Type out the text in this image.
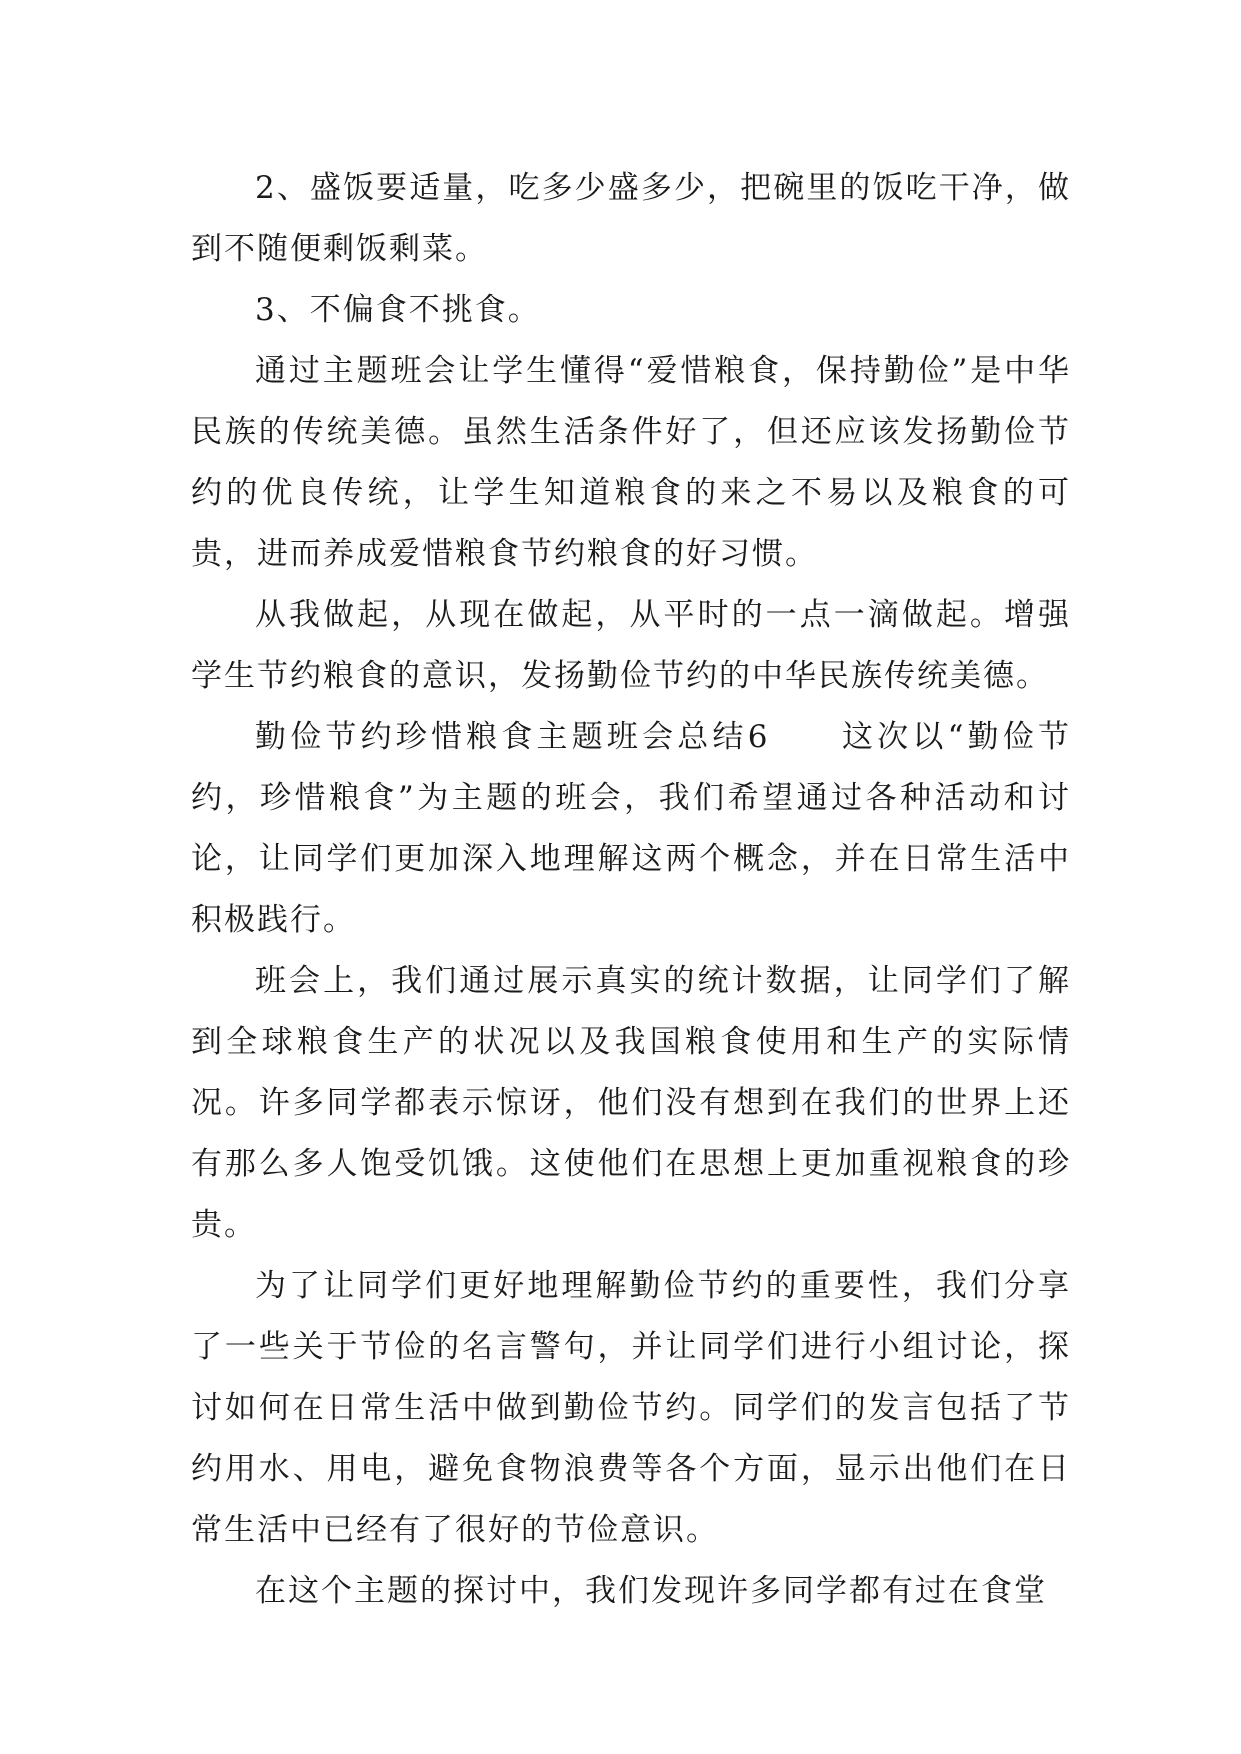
2、盛饭要适量，吃多少盛多少，把碗里的饭吃干净，做到不随便剩饭剩菜。

3、不偏食不挑食。

通过主题班会让学生懂得“爱惜粮食，保持勤俭”是中华民族的传统美德。虽然生活条件好了，但还应该发扬勤俭节约的优良传统，让学生知道粮食的来之不易以及粮食的可贵，进而养成爱惜粮食节约粮食的好习惯。

从我做起，从现在做起，从平时的一点一滴做起。增强学生节约粮食的意识，发扬勤俭节约的中华民族传统美德。

勤俭节约珍惜粮食主题班会总结6　　这次以“勤俭节约，珍惜粮食”为主题的班会，我们希望通过各种活动和讨论，让同学们更加深入地理解这两个概念，并在日常生活中积极践行。

班会上，我们通过展示真实的统计数据，让同学们了解到全球粮食生产的状况以及我国粮食使用和生产的实际情况。许多同学都表示惊讶，他们没有想到在我们的世界上还有那么多人饱受饥饿。这使他们在思想上更加重视粮食的珍贵。

为了让同学们更好地理解勤俭节约的重要性，我们分享了一些关于节俭的名言警句，并让同学们进行小组讨论，探讨如何在日常生活中做到勤俭节约。同学们的发言包括了节约用水、用电，避免食物浪费等各个方面，显示出他们在日常生活中已经有了很好的节俭意识。

在这个主题的探讨中，我们发现许多同学都有过在食堂
